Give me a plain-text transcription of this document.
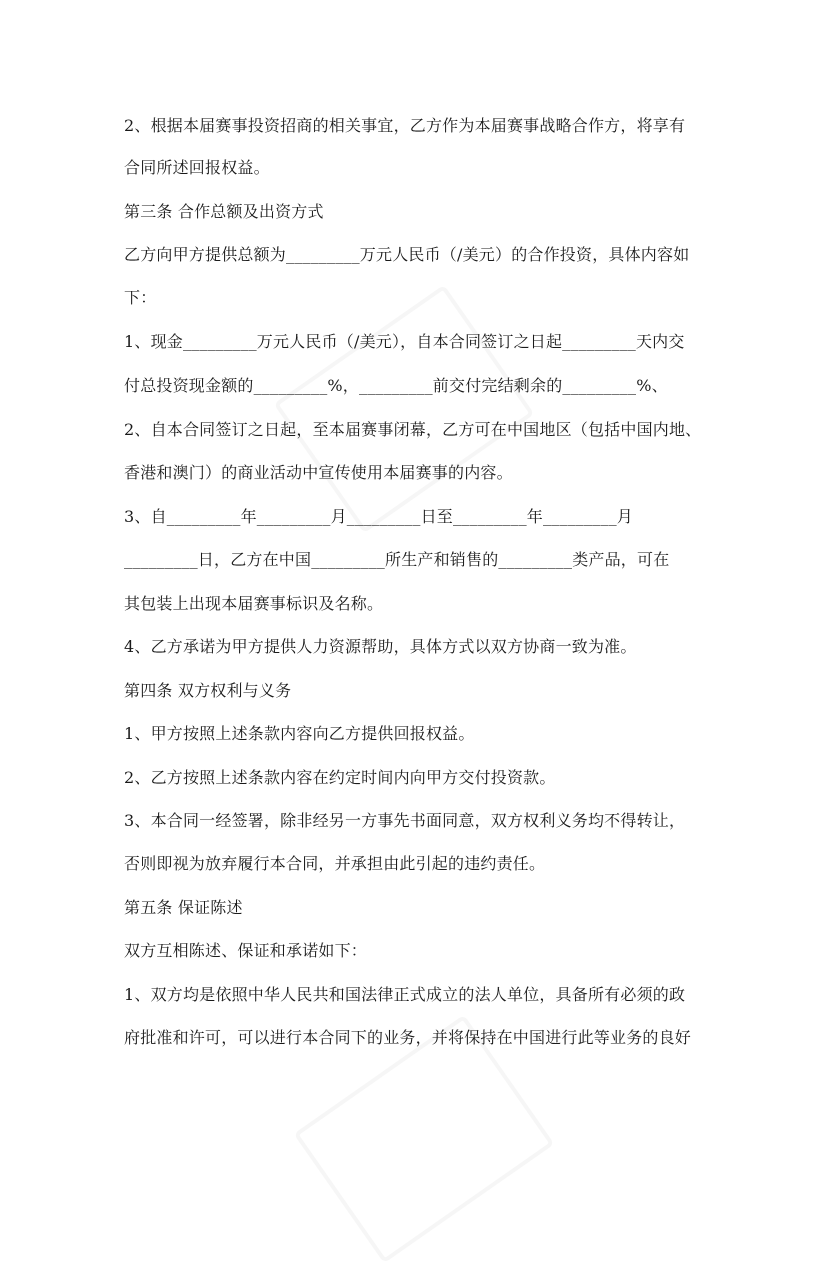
2、根据本届赛事投资招商的相关事宜，乙方作为本届赛事战略合作方，将享有
合同所述回报权益。
第三条 合作总额及出资方式
乙方向甲方提供总额为_________万元人民币（/美元）的合作投资，具体内容如
下：
1、现金_________万元人民币（/美元），自本合同签订之日起_________天内交
付总投资现金额的_________%，_________前交付完结剩余的_________%、
2、自本合同签订之日起，至本届赛事闭幕，乙方可在中国地区（包括中国内地、
香港和澳门）的商业活动中宣传使用本届赛事的内容。
3、自_________年_________月_________日至_________年_________月
_________日，乙方在中国_________所生产和销售的_________类产品，可在
其包装上出现本届赛事标识及名称。
4、乙方承诺为甲方提供人力资源帮助，具体方式以双方协商一致为准。
第四条 双方权利与义务
1、甲方按照上述条款内容向乙方提供回报权益。
2、乙方按照上述条款内容在约定时间内向甲方交付投资款。
3、本合同一经签署，除非经另一方事先书面同意，双方权利义务均不得转让，
否则即视为放弃履行本合同，并承担由此引起的违约责任。
第五条 保证陈述
双方互相陈述、保证和承诺如下：
1、双方均是依照中华人民共和国法律正式成立的法人单位，具备所有必须的政
府批准和许可，可以进行本合同下的业务，并将保持在中国进行此等业务的良好
